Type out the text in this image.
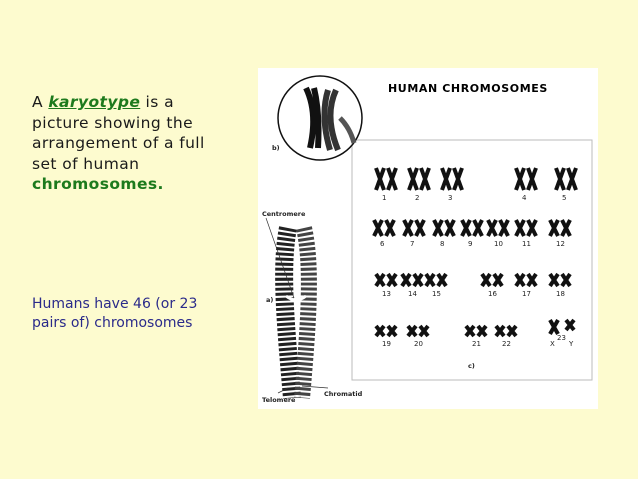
A karyotype is a picture showing the arrangement of a full set of human chromosomes.
Humans have 46 (or 23 pairs of) chromosomes
HUMAN CHROMOSOMES
b)
Centromere
Telomere
Chromatid
a)
c)
1	2	3	4	5
6	7	8	9	10	11	12
13 14 15	16	17	18
19	20	21	22	X
23
Y
